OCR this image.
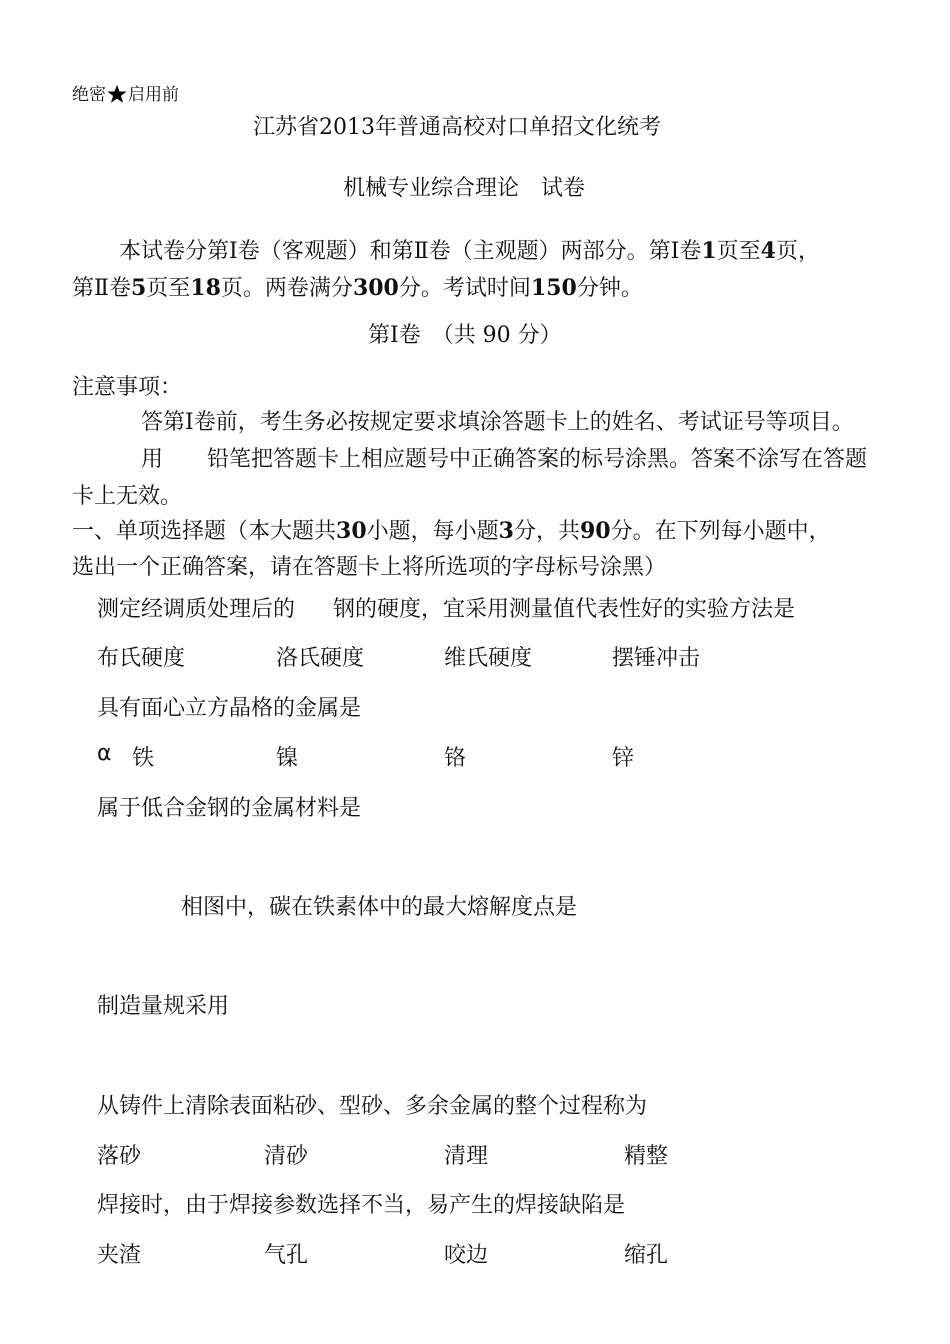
绝密 启用前
江苏省2013年普通高校对口单招文化统考
机械专业综合理论　试卷
本试卷分第Ⅰ卷（客观题）和第Ⅱ卷（主观题）两部分。第Ⅰ卷1页至4页，
第Ⅱ卷5页至18页。两卷满分300分。考试时间150分钟。
第Ⅰ卷　（共 90 分）
注意事项：
答第Ⅰ卷前，考生务必按规定要求填涂答题卡上的姓名、考试证号等项目。
用 铅笔把答题卡上相应题号中正确答案的标号涂黑。答案不涂写在答题
卡上无效。
一、单项选择题（本大题共30小题，每小题3分，共90分。在下列每小题中，
选出一个正确答案，请在答题卡上将所选项的字母标号涂黑）
测定经调质处理后的 钢的硬度，宜采用测量值代表性好的实验方法是
布氏硬度	洛氏硬度	维氏硬度	摆锤冲击
具有面心立方晶格的金属是
α 铁	镍	铬	锌
属于低合金钢的金属材料是
相图中，碳在铁素体中的最大熔解度点是
制造量规采用
从铸件上清除表面粘砂、型砂、多余金属的整个过程称为
落砂	清砂	清理	精整
焊接时，由于焊接参数选择不当，易产生的焊接缺陷是
夹渣	气孔	咬边	缩孔
